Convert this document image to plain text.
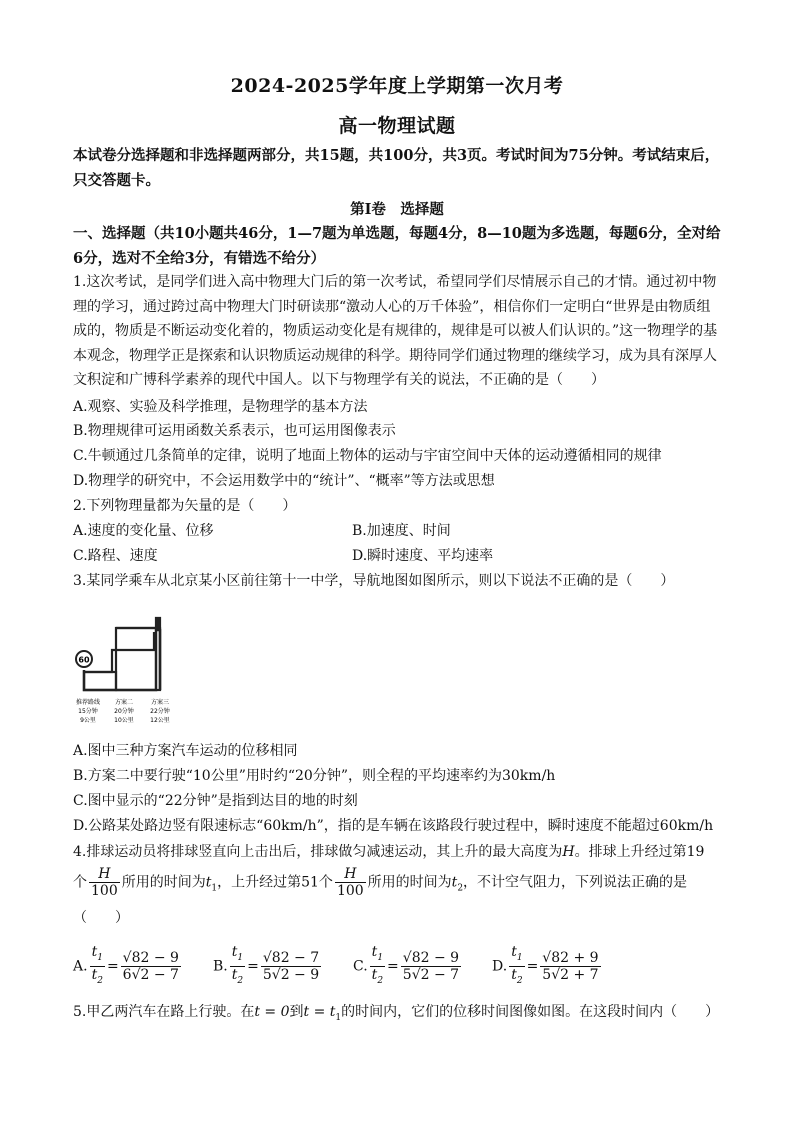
2024-2025学年度上学期第一次月考
高一物理试题
本试卷分选择题和非选择题两部分，共15题，共100分，共3页。考试时间为75分钟。考试结束后，只交答题卡。
第Ⅰ卷　选择题
一、选择题（共10小题共46分，1—7题为单选题，每题4分，8—10题为多选题，每题6分，全对给6分，选对不全给3分，有错选不给分）
1.这次考试，是同学们进入高中物理大门后的第一次考试，希望同学们尽情展示自己的才情。通过初中物理的学习，通过跨过高中物理大门时研读那“激动人心的万千体验”，相信你们一定明白“世界是由物质组成的，物质是不断运动变化着的，物质运动变化是有规律的，规律是可以被人们认识的。”这一物理学的基本观念，物理学正是探索和认识物质运动规律的科学。期待同学们通过物理的继续学习，成为具有深厚人文积淀和广博科学素养的现代中国人。以下与物理学有关的说法，不正确的是（　　）
A.观察、实验及科学推理，是物理学的基本方法
B.物理规律可运用函数关系表示，也可运用图像表示
C.牛顿通过几条简单的定律，说明了地面上物体的运动与宇宙空间中天体的运动遵循相同的规律
D.物理学的研究中，不会运用数学中的“统计”、“概率”等方法或思想
2.下列物理量都为矢量的是（　　）
A.速度的变化量、位移	B.加速度、时间
C.路程、速度	D.瞬时速度、平均速率
3.某同学乘车从北京某小区前往第十一中学，导航地图如图所示，则以下说法不正确的是（　　）
60
推荐路线
15分钟
9公里
方案二
20分钟
10公里
方案三
22分钟
12公里
A.图中三种方案汽车运动的位移相同
B.方案二中要行驶“10公里”用时约“20分钟”，则全程的平均速率约为30km/h
C.图中显示的“22分钟”是指到达目的地的时刻
D.公路某处路边竖有限速标志“60km/h”，指的是车辆在该路段行驶过程中，瞬时速度不能超过60km/h
4.排球运动员将排球竖直向上击出后，排球做匀减速运动，其上升的最大高度为H。排球上升经过第19
个 $\frac{H}{100}$ 所用的时间为$t_1$，上升经过第51个 $\frac{H}{100}$ 所用的时间为$t_2$，不计空气阻力，下列说法正确的是
（　　）
A. $\frac{t_1}{t_2} = \frac{√82 - 9}{6√2 - 7} B$. $\frac{t_1}{t_2} = \frac{√82 - 7}{5√2 - 9} C$. $\frac{t_1}{t_2} = \frac{√82 - 9}{5√2 - 7} D$. $\frac{t_1}{t_2} = \frac{√82 + 9}{5√2 + 7}$
5.甲乙两汽车在路上行驶。在t = 0到$t = t_1$的时间内，它们的位移时间图像如图。在这段时间内（　　）
